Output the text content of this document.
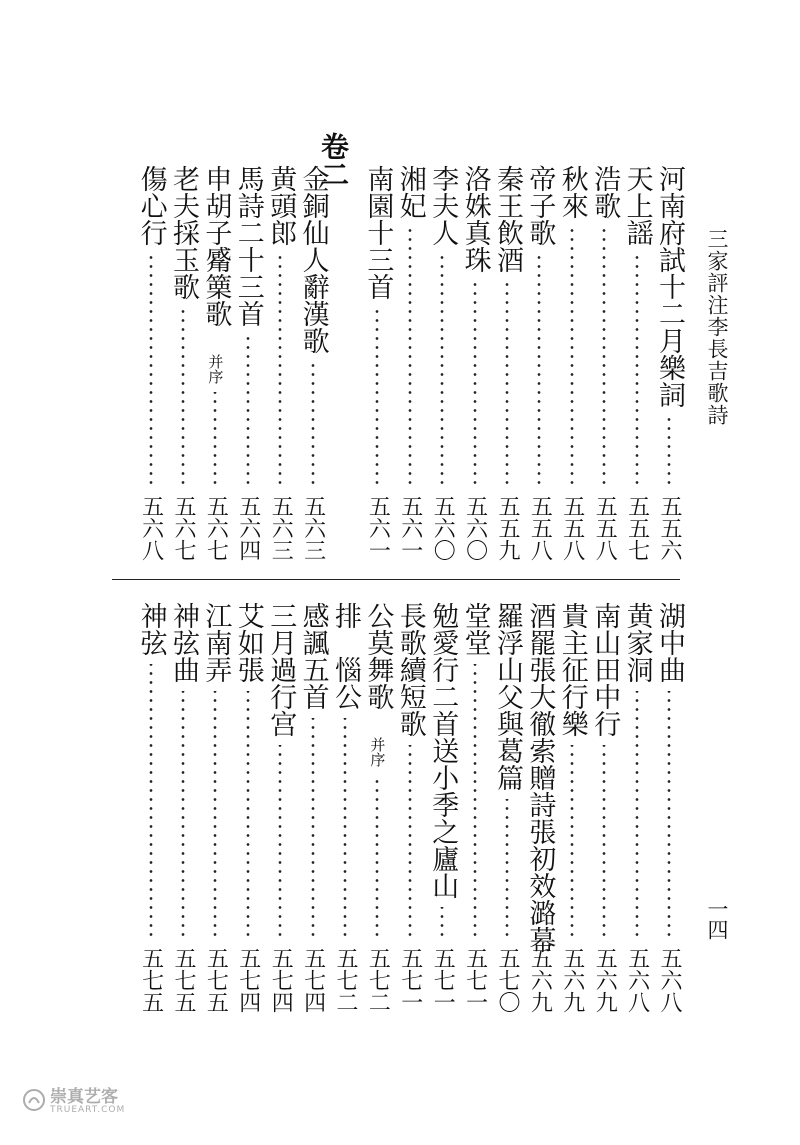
三家評注李長吉歌詩
一四
河南府試十二月樂詞
五五六
天上謡
五五七
浩歌
五五八
秋來
五五八
帝子歌
五五八
秦王飲酒
五五九
洛姝真珠
五六〇
李夫人
五六〇
湘妃
五六一
南園十三首
五六一
金銅仙人辭漢歌
五六三
黄頭郎
五六三
馬詩二十三首
五六四
申胡子觱篥歌　并序
五六七
老夫採玉歌
五六七
傷心行
五六八
湖中曲
五六八
黄家洞
五六八
南山田中行
五六九
貴主征行樂
五六九
酒罷張大徹索贈詩張初效潞幕
五六九
羅浮山父與葛篇
五七〇
堂堂
五七一
勉愛行二首送小季之廬山
五七一
長歌續短歌
五七一
公莫舞歌　并序
五七二
排　惱公
五七二
感諷五首
五七四
三月過行宫
五七四
艾如張
五七四
江南弄
五七五
神弦曲
五七五
神弦
五七五
卷二
崇真艺客
TRUEART.COM
